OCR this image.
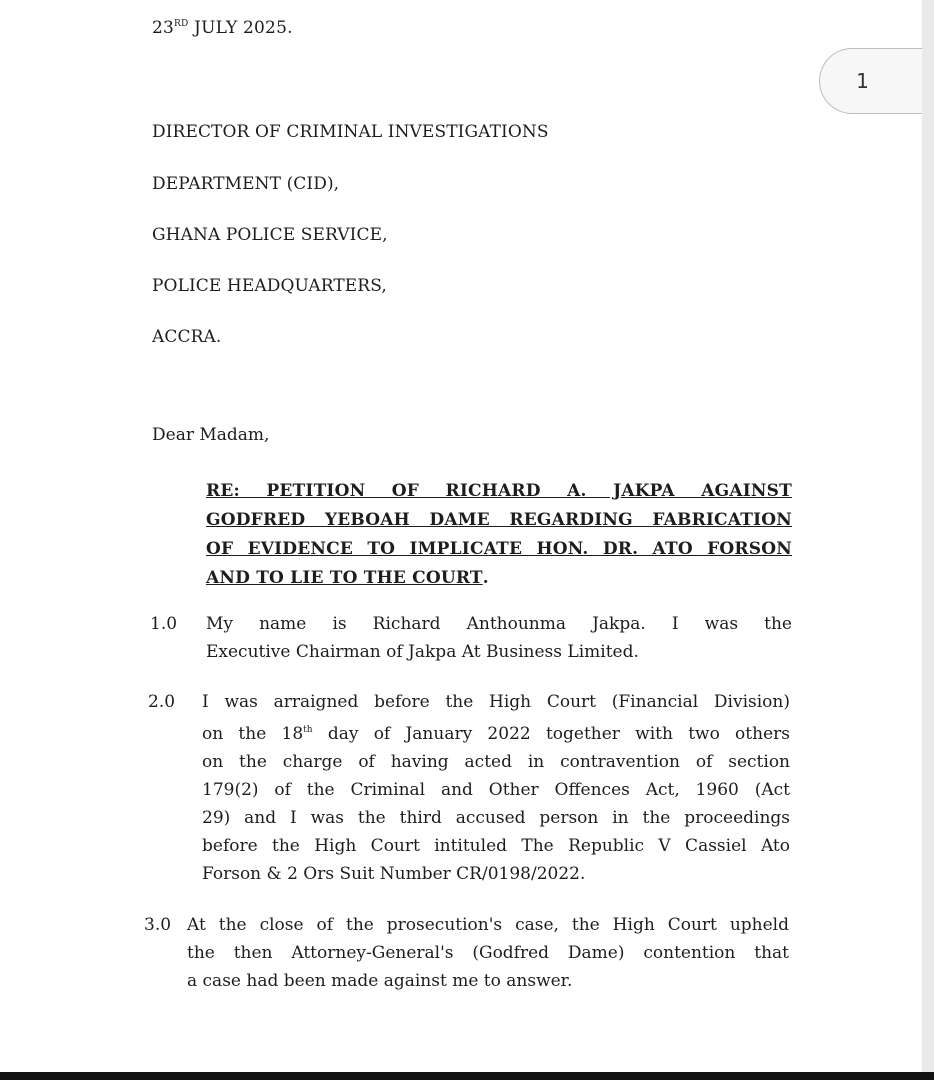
23RD JULY 2025.
DIRECTOR OF CRIMINAL INVESTIGATIONS
DEPARTMENT (CID),
GHANA POLICE SERVICE,
POLICE HEADQUARTERS,
ACCRA.
Dear Madam,
RE: PETITION OF RICHARD A. JAKPA AGAINST
GODFRED YEBOAH DAME REGARDING FABRICATION
OF EVIDENCE TO IMPLICATE HON. DR. ATO FORSON
AND TO LIE TO THE COURT.
1.0 My name is Richard Anthounma Jakpa. I was the
Executive Chairman of Jakpa At Business Limited.
2.0 I was arraigned before the High Court (Financial Division)
on the 18th day of January 2022 together with two others
on the charge of having acted in contravention of section
179(2) of the Criminal and Other Offences Act, 1960 (Act
29) and I was the third accused person in the proceedings
before the High Court intituled The Republic V Cassiel Ato
Forson & 2 Ors Suit Number CR/0198/2022.
3.0 At the close of the prosecution's case, the High Court upheld
the then Attorney-General's (Godfred Dame) contention that
a case had been made against me to answer.
1
